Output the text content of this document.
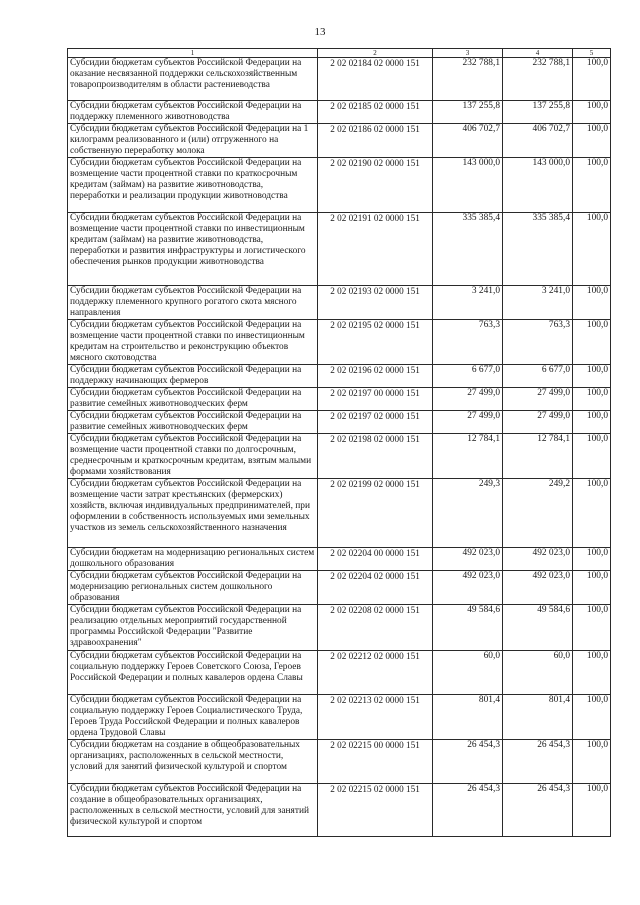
13
1	2	3	4	5
Субсидии бюджетам субъектов Российской Федерации на оказание несвязанной поддержки сельскохозяйственным товаропроизводителям в области растениеводства	2 02 02184 02 0000 151	232 788,1	232 788,1	100,0
Субсидии бюджетам субъектов Российской Федерации на поддержку племенного животноводства	2 02 02185 02 0000 151	137 255,8	137 255,8	100,0
Субсидии бюджетам субъектов Российской Федерации на 1 килограмм реализованного и (или) отгруженного на собственную переработку молока	2 02 02186 02 0000 151	406 702,7	406 702,7	100,0
Субсидии бюджетам субъектов Российской Федерации на возмещение части процентной ставки по краткосрочным кредитам (займам) на развитие животноводства, переработки и реализации продукции животноводства	2 02 02190 02 0000 151	143 000,0	143 000,0	100,0
Субсидии бюджетам субъектов Российской Федерации на возмещение части процентной ставки по инвестиционным кредитам (займам) на развитие животноводства, переработки и развития инфраструктуры и логистического обеспечения рынков продукции животноводства	2 02 02191 02 0000 151	335 385,4	335 385,4	100,0
Субсидии бюджетам субъектов Российской Федерации на поддержку племенного крупного рогатого скота мясного направления	2 02 02193 02 0000 151	3 241,0	3 241,0	100,0
Субсидии бюджетам субъектов Российской Федерации на возмещение части процентной ставки по инвестиционным кредитам на строительство и реконструкцию объектов мясного скотоводства	2 02 02195 02 0000 151	763,3	763,3	100,0
Субсидии бюджетам субъектов Российской Федерации на поддержку начинающих фермеров	2 02 02196 02 0000 151	6 677,0	6 677,0	100,0
Субсидии бюджетам субъектов Российской Федерации на развитие семейных животноводческих ферм	2 02 02197 00 0000 151	27 499,0	27 499,0	100,0
Субсидии бюджетам субъектов Российской Федерации на развитие семейных животноводческих ферм	2 02 02197 02 0000 151	27 499,0	27 499,0	100,0
Субсидии бюджетам субъектов Российской Федерации на возмещение части процентной ставки по долгосрочным, среднесрочным и краткосрочным кредитам, взятым малыми формами хозяйствования	2 02 02198 02 0000 151	12 784,1	12 784,1	100,0
Субсидии бюджетам субъектов Российской Федерации на возмещение части затрат крестьянских (фермерских) хозяйств, включая индивидуальных предпринимателей, при оформлении в собственность используемых ими земельных участков из земель сельскохозяйственного назначения	2 02 02199 02 0000 151	249,3	249,2	100,0
Субсидии бюджетам на модернизацию региональных систем дошкольного образования	2 02 02204 00 0000 151	492 023,0	492 023,0	100,0
Субсидии бюджетам субъектов Российской Федерации на модернизацию региональных систем дошкольного образования	2 02 02204 02 0000 151	492 023,0	492 023,0	100,0
Субсидии бюджетам субъектов Российской Федерации на реализацию отдельных мероприятий государственной программы Российской Федерации "Развитие здравоохранения"	2 02 02208 02 0000 151	49 584,6	49 584,6	100,0
Субсидии бюджетам субъектов Российской Федерации на социальную поддержку Героев Советского Союза, Героев Российской Федерации и полных кавалеров ордена Славы	2 02 02212 02 0000 151	60,0	60,0	100,0
Субсидии бюджетам субъектов Российской Федерации на социальную поддержку Героев Социалистического Труда, Героев Труда Российской Федерации и полных кавалеров ордена Трудовой Славы	2 02 02213 02 0000 151	801,4	801,4	100,0
Субсидии бюджетам на создание в общеобразовательных организациях, расположенных в сельской местности, условий для занятий физической культурой и спортом	2 02 02215 00 0000 151	26 454,3	26 454,3	100,0
Субсидии бюджетам субъектов Российской Федерации на создание в общеобразовательных организациях, расположенных в сельской местности, условий для занятий физической культурой и спортом	2 02 02215 02 0000 151	26 454,3	26 454,3	100,0
